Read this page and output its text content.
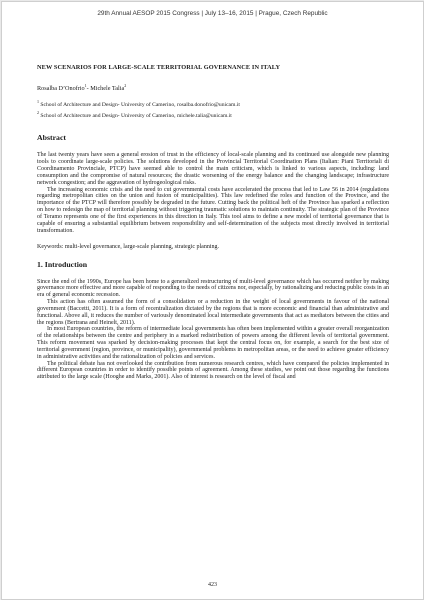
29th Annual AESOP 2015 Congress | July 13–16, 2015 | Prague, Czech Republic
NEW SCENARIOS FOR LARGE-SCALE TERRITORIAL GOVERNANCE IN ITALY
Rosalba D’Onofrio$^1$- Michele Talia$^2$
$^1$ School of Architecture and Design- University of Camerino, rosalba.donofrio@unicam.it
$^2$ School of Architecture and Design- University of Camerino, michele.talia@unicam.it
Abstract

The last twenty years have seen a general erosion of trust in the efficiency of local-scale planning and its continued use alongside new planning tools to coordinate large-scale policies. The solutions developed in the Provincial Territorial Coordination Plans (Italian: Piani Territoriali di Coordinamento Provinciale, PTCP) have seemed able to control the main criticism, which is linked to various aspects, including: land consumption and the compromise of natural resources; the drastic worsening of the energy balance and the changing landscape; infrastructure network congestion; and the aggravation of hydrogeological risks.

The increasing economic crisis and the need to cut governmental costs have accelerated the process that led to Law 56 in 2014 (regulations regarding metropolitan cities on the union and fusion of municipalities). This law redefined the roles and function of the Province, and the importance of the PTCP will therefore possibly be degraded in the future. Cutting back the political heft of the Province has sparked a reflection on how to redesign the map of territorial planning without triggering traumatic solutions to maintain continuity. The strategic plan of the Province of Teramo represents one of the first experiences in this direction in Italy. This tool aims to define a new model of territorial governance that is capable of ensuring a substantial equilibrium between responsibility and self-determination of the subjects most directly involved in territorial transformation.

Keywords: multi-level governance, large-scale planning, strategic planning.
1. Introduction

Since the end of the 1990s, Europe has been home to a generalized restructuring of multi-level governance which has occurred neither by making governance more effective and more capable of responding to the needs of citizens nor, especially, by rationalizing and reducing public costs in an era of general economic recession.

This action has often assumed the form of a consolidation or a reduction in the weight of local governments in favour of the national government (Baccetti, 2011). It is a form of recentralization dictated by the regions that is more economic and financial than administrative and functional. Above all, it reduces the number of variously denominated local intermediate governments that act as mediators between the cities and the regions (Bertrana and Heinelt, 2011).

In most European countries, the reform of intermediate local governments has often been implemented within a greater overall reorganization of the relationships between the centre and periphery in a marked redistribution of powers among the different levels of territorial government. This reform movement was sparked by decision-making processes that kept the central focus on, for example, a search for the best size of territorial government (region, province, or municipality), governmental problems in metropolitan areas, or the need to achieve greater efficiency in administrative activities and the rationalization of policies and services.

The political debate has not overlooked the contribution from numerous research centres, which have compared the policies implemented in different European countries in order to identify possible points of agreement. Among these studies, we point out those regarding the functions attributed to the large scale (Hooghe and Marks, 2001). Also of interest is research on the level of fiscal and

423
